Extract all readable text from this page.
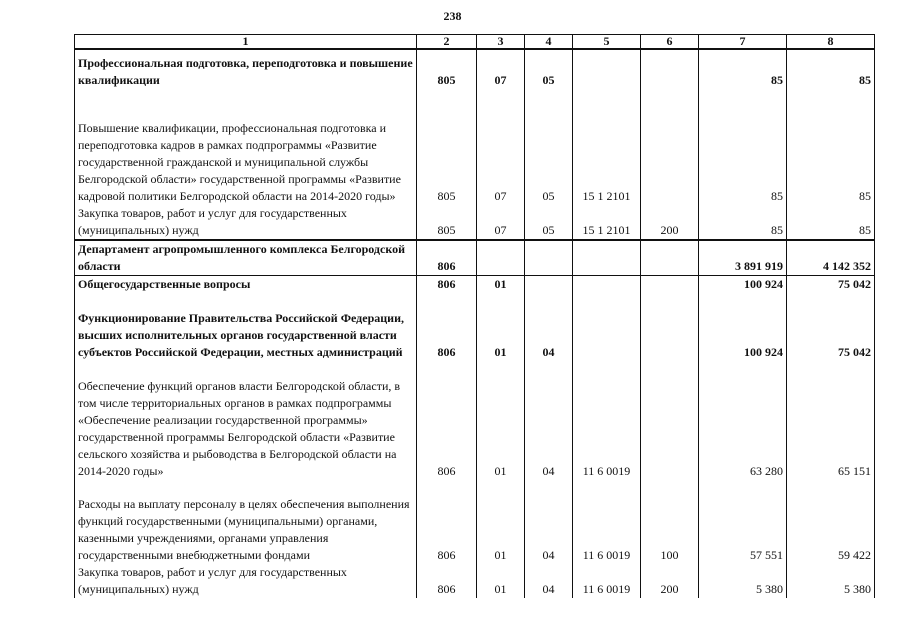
238
1	2	3	4	5	6	7	8
Профессиональная подготовка, переподготовка и повышение квалификации	805	07	05			85	85
Повышение квалификации, профессиональная подготовка и переподготовка кадров в рамках подпрограммы «Развитие государственной гражданской и муниципальной службы Белгородской области» государственной программы «Развитие кадровой политики Белгородской области на 2014-2020 годы»	805	07	05	15 1 2101		85	85
Закупка товаров, работ и услуг для государственных (муниципальных) нужд	805	07	05	15 1 2101	200	85	85
Департамент агропромышленного комплекса Белгородской области	806					3 891 919	4 142 352
Общегосударственные вопросы	806	01				100 924	75 042
Функционирование Правительства Российской Федерации, высших исполнительных органов государственной власти субъектов Российской Федерации, местных администраций	806	01	04			100 924	75 042
Обеспечение функций органов власти Белгородской области, в том числе территориальных органов в рамках подпрограммы «Обеспечение реализации государственной программы» государственной программы Белгородской области «Развитие сельского хозяйства и рыбоводства в Белгородской области на 2014-2020 годы»	806	01	04	11 6 0019		63 280	65 151
Расходы на выплату персоналу в целях обеспечения выполнения функций государственными (муниципальными) органами, казенными учреждениями, органами управления государственными внебюджетными фондами	806	01	04	11 6 0019	100	57 551	59 422
Закупка товаров, работ и услуг для государственных (муниципальных) нужд	806	01	04	11 6 0019	200	5 380	5 380
